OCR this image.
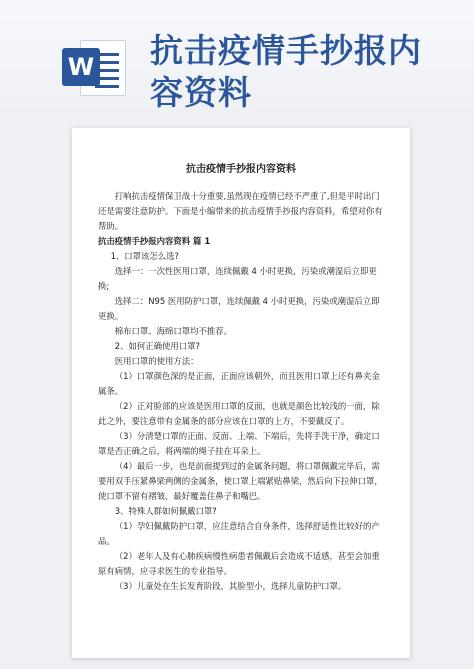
W 抗击疫情手抄报内
容资料
抗击疫情手抄报内容资料

打响抗击疫情保卫战十分重要,虽然现在疫情已经不严重了,但是平时出门还是需要注意防护。下面是小编带来的抗击疫情手抄报内容资料，希望对你有帮助。

抗击疫情手抄报内容资料 篇 1

1、口罩该怎么选?

选择一：一次性医用口罩，连续佩戴 4 小时更换，污染或潮湿后立即更换;

选择二：N95 医用防护口罩，连续佩戴 4 小时更换，污染或潮湿后立即更换。

棉布口罩、海绵口罩均不推荐。

2、如何正确使用口罩?

医用口罩的使用方法：

（1）口罩颜色深的是正面，正面应该朝外，而且医用口罩上还有鼻夹金属条。

（2）正对脸部的应该是医用口罩的反面，也就是颜色比较浅的一面，除此之外，要注意带有金属条的部分应该在口罩的上方，不要戴反了。

（3）分清楚口罩的正面、反面、上端、下端后，先将手洗干净，确定口罩是否正确之后，将两端的绳子挂在耳朵上。

（4）最后一步，也是前面提到过的金属条问题，将口罩佩戴完毕后，需要用双手压紧鼻梁两侧的金属条，使口罩上端紧贴鼻梁，然后向下拉伸口罩，使口罩不留有褶皱，最好覆盖住鼻子和嘴巴。

3、特殊人群如何佩戴口罩?

（1）孕妇佩戴防护口罩，应注意结合自身条件，选择舒适性比较好的产品。

（2）老年人及有心肺疾病慢性病患者佩戴后会造成不适感，甚至会加重原有病情，应寻求医生的专业指导。

（3）儿童处在生长发育阶段，其脸型小，选择儿童防护口罩。
